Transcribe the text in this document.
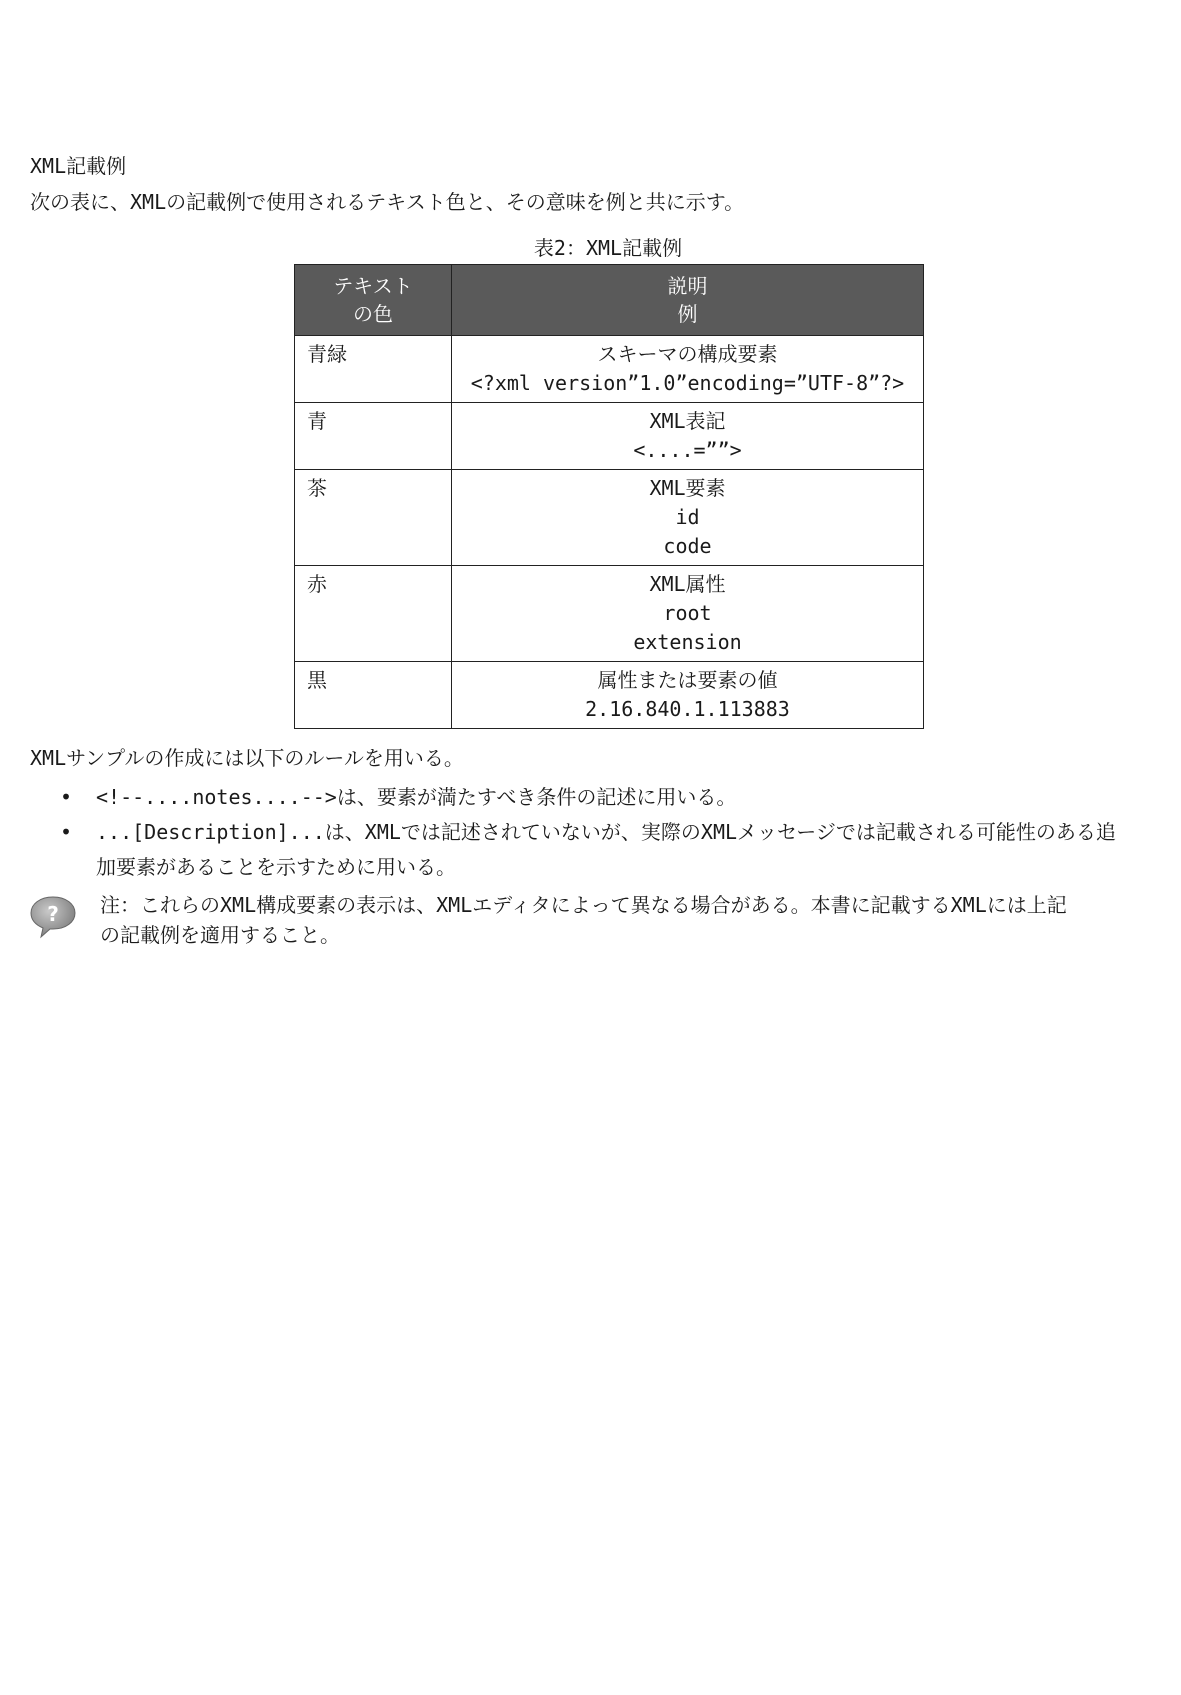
XML記載例
次の表に、XMLの記載例で使用されるテキスト色と、その意味を例と共に示す。
表2：XML記載例
テキスト
の色	説明
例

青緑	スキーマの構成要素
<?xml version”1.0”encoding=”UTF-8”?>

青	XML表記
<....=””>

茶	XML要素
id
code

赤	XML属性
root
extension

黒	属性または要素の値
2.16.840.1.113883
XMLサンプルの作成には以下のルールを用いる。
• <!--....notes....-->は、要素が満たすべき条件の記述に用いる。
• ...[Description]...は、XMLでは記述されていないが、実際のXMLメッセージでは記載される可能性のある追
加要素があることを示すために用いる。
? 注：これらのXML構成要素の表示は、XMLエディタによって異なる場合がある。本書に記載するXMLには上記
の記載例を適用すること。
